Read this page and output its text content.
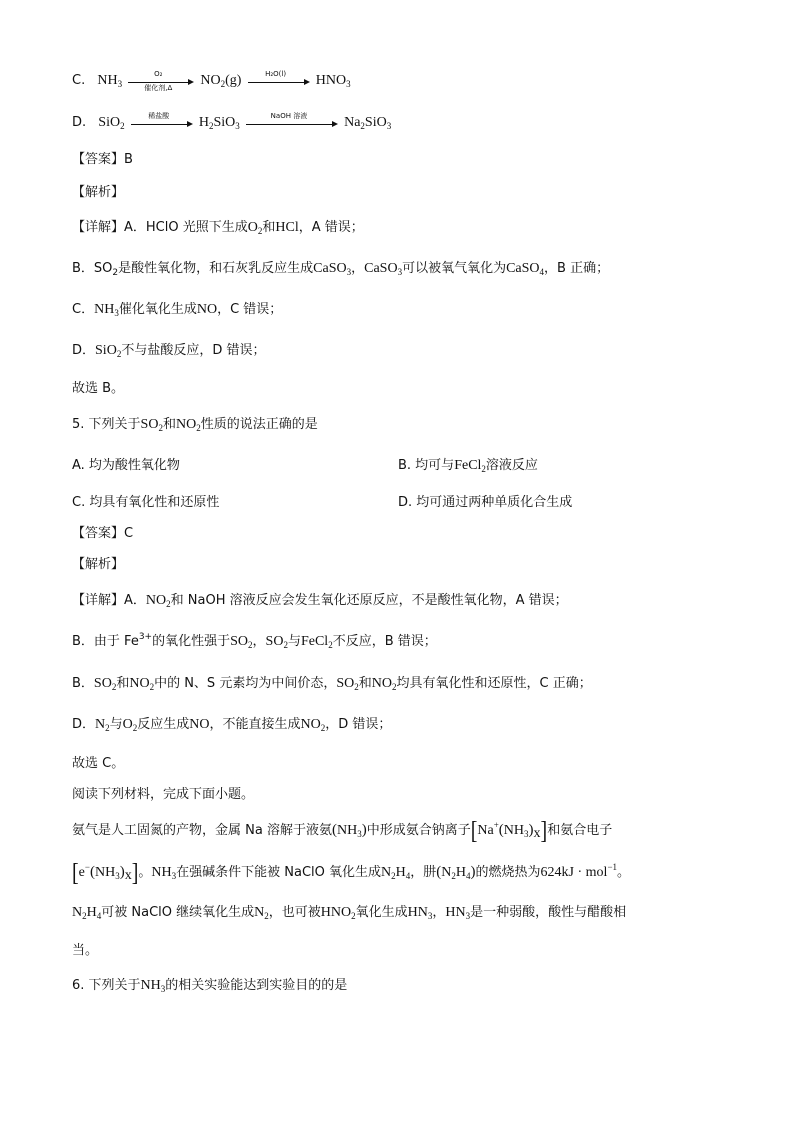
C. $NH_3$
O₂
催化剂,Δ	$NO_2(g)$	H₂O(l)	$HNO_3$
D. SiO$_2$
稀盐酸	$H_2SiO_3$
NaOH 溶液	$Na_2SiO_3$
【答案】B
【解析】
【详解】A．HClO 光照下生成$O_2$和HCl，A 错误；
B．$SO_2$是酸性氧化物，和石灰乳反应生成CaSO$_3$，CaSO$_3$可以被氧气氧化为CaSO$_4$，B 正确；
C．$NH_3$催化氧化生成NO，C 错误；
D．SiO$_2$不与盐酸反应，D 错误；
故选 B。
5. 下列关于$SO_2$和$NO_2$性质的说法正确的是
A. 均为酸性氧化物	B. 均可与FeCl$_2$溶液反应
C. 均具有氧化性和还原性	D. 均可通过两种单质化合生成
【答案】C
【解析】
【详解】A．$NO_2$和 NaOH 溶液反应会发生氧化还原反应，不是酸性氧化物，A 错误；
B．由于 $Fe^{3+}$的氧化性强于$SO_2$，$SO_2$与FeCl$_2$不反应，B 错误；
B．$SO_2$和$NO_2$中的 N、S 元素均为中间价态，$SO_2$和$NO_2$均具有氧化性和还原性，C 正确；
D．$N_2$与$O_2$反应生成NO，不能直接生成$NO_2$，D 错误；
故选 C。
阅读下列材料，完成下面小题。
氨气是人工固氮的产物，金属 Na 溶解于液氨$(NH_3)$中形成氨合钠离子$[Na^+(NH_3)_x]$和氨合电子
$[e^-(NH_3)_x]$。$NH_3$在强碱条件下能被 NaClO 氧化生成$N_2H_4$，肼$(N_2H_4)$的燃烧热为624kJ · mol$^{-1}$。
$N_2H_4$可被 NaClO 继续氧化生成$N_2$，也可被$HNO_2$氧化生成$HN_3$，$HN_3$是一种弱酸，酸性与醋酸相
当。
6. 下列关于$NH_3$的相关实验能达到实验目的的是
